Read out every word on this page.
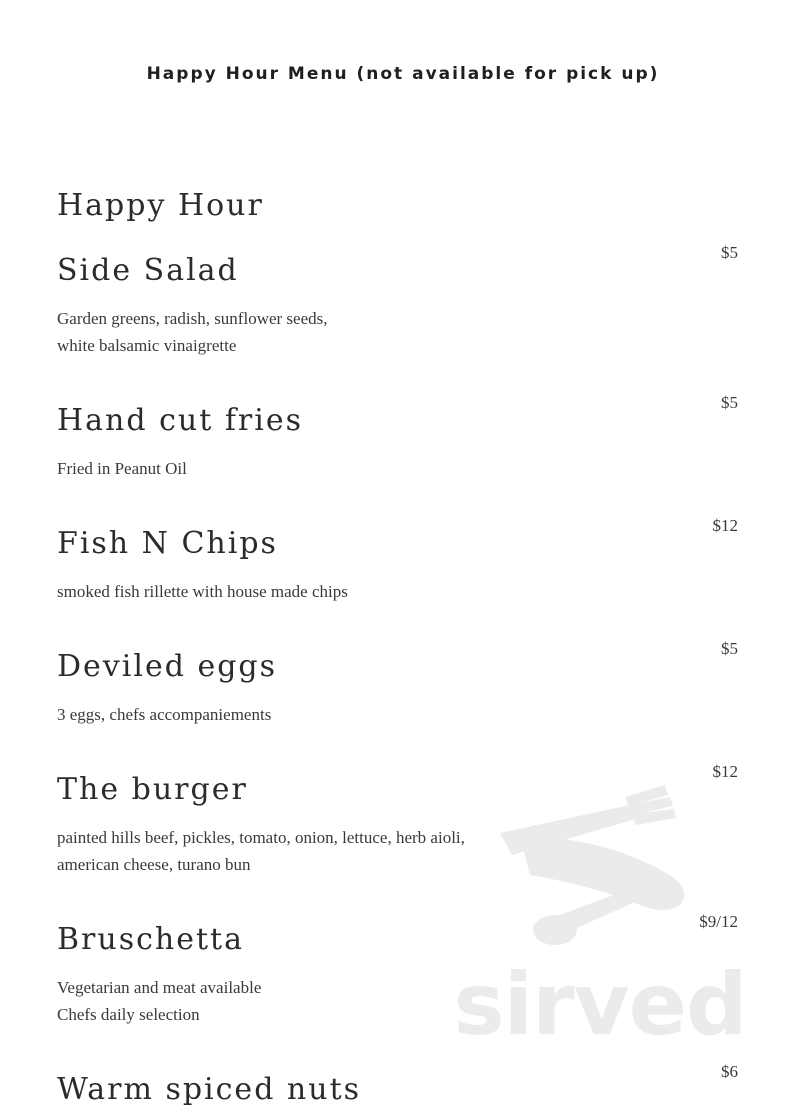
Happy Hour Menu (not available for pick up)
Happy Hour
Side Salad
$5
Garden greens, radish, sunflower seeds,
white balsamic vinaigrette
Hand cut fries
$5
Fried in Peanut Oil
Fish N Chips
$12
smoked fish rillette with house made chips
Deviled eggs
$5
3 eggs, chefs accompaniements
The burger
$12
painted hills beef, pickles, tomato, onion, lettuce, herb aioli,
american cheese, turano bun
Bruschetta
$9/12
Vegetarian and meat available
Chefs daily selection
Warm spiced nuts
$6
sirved
